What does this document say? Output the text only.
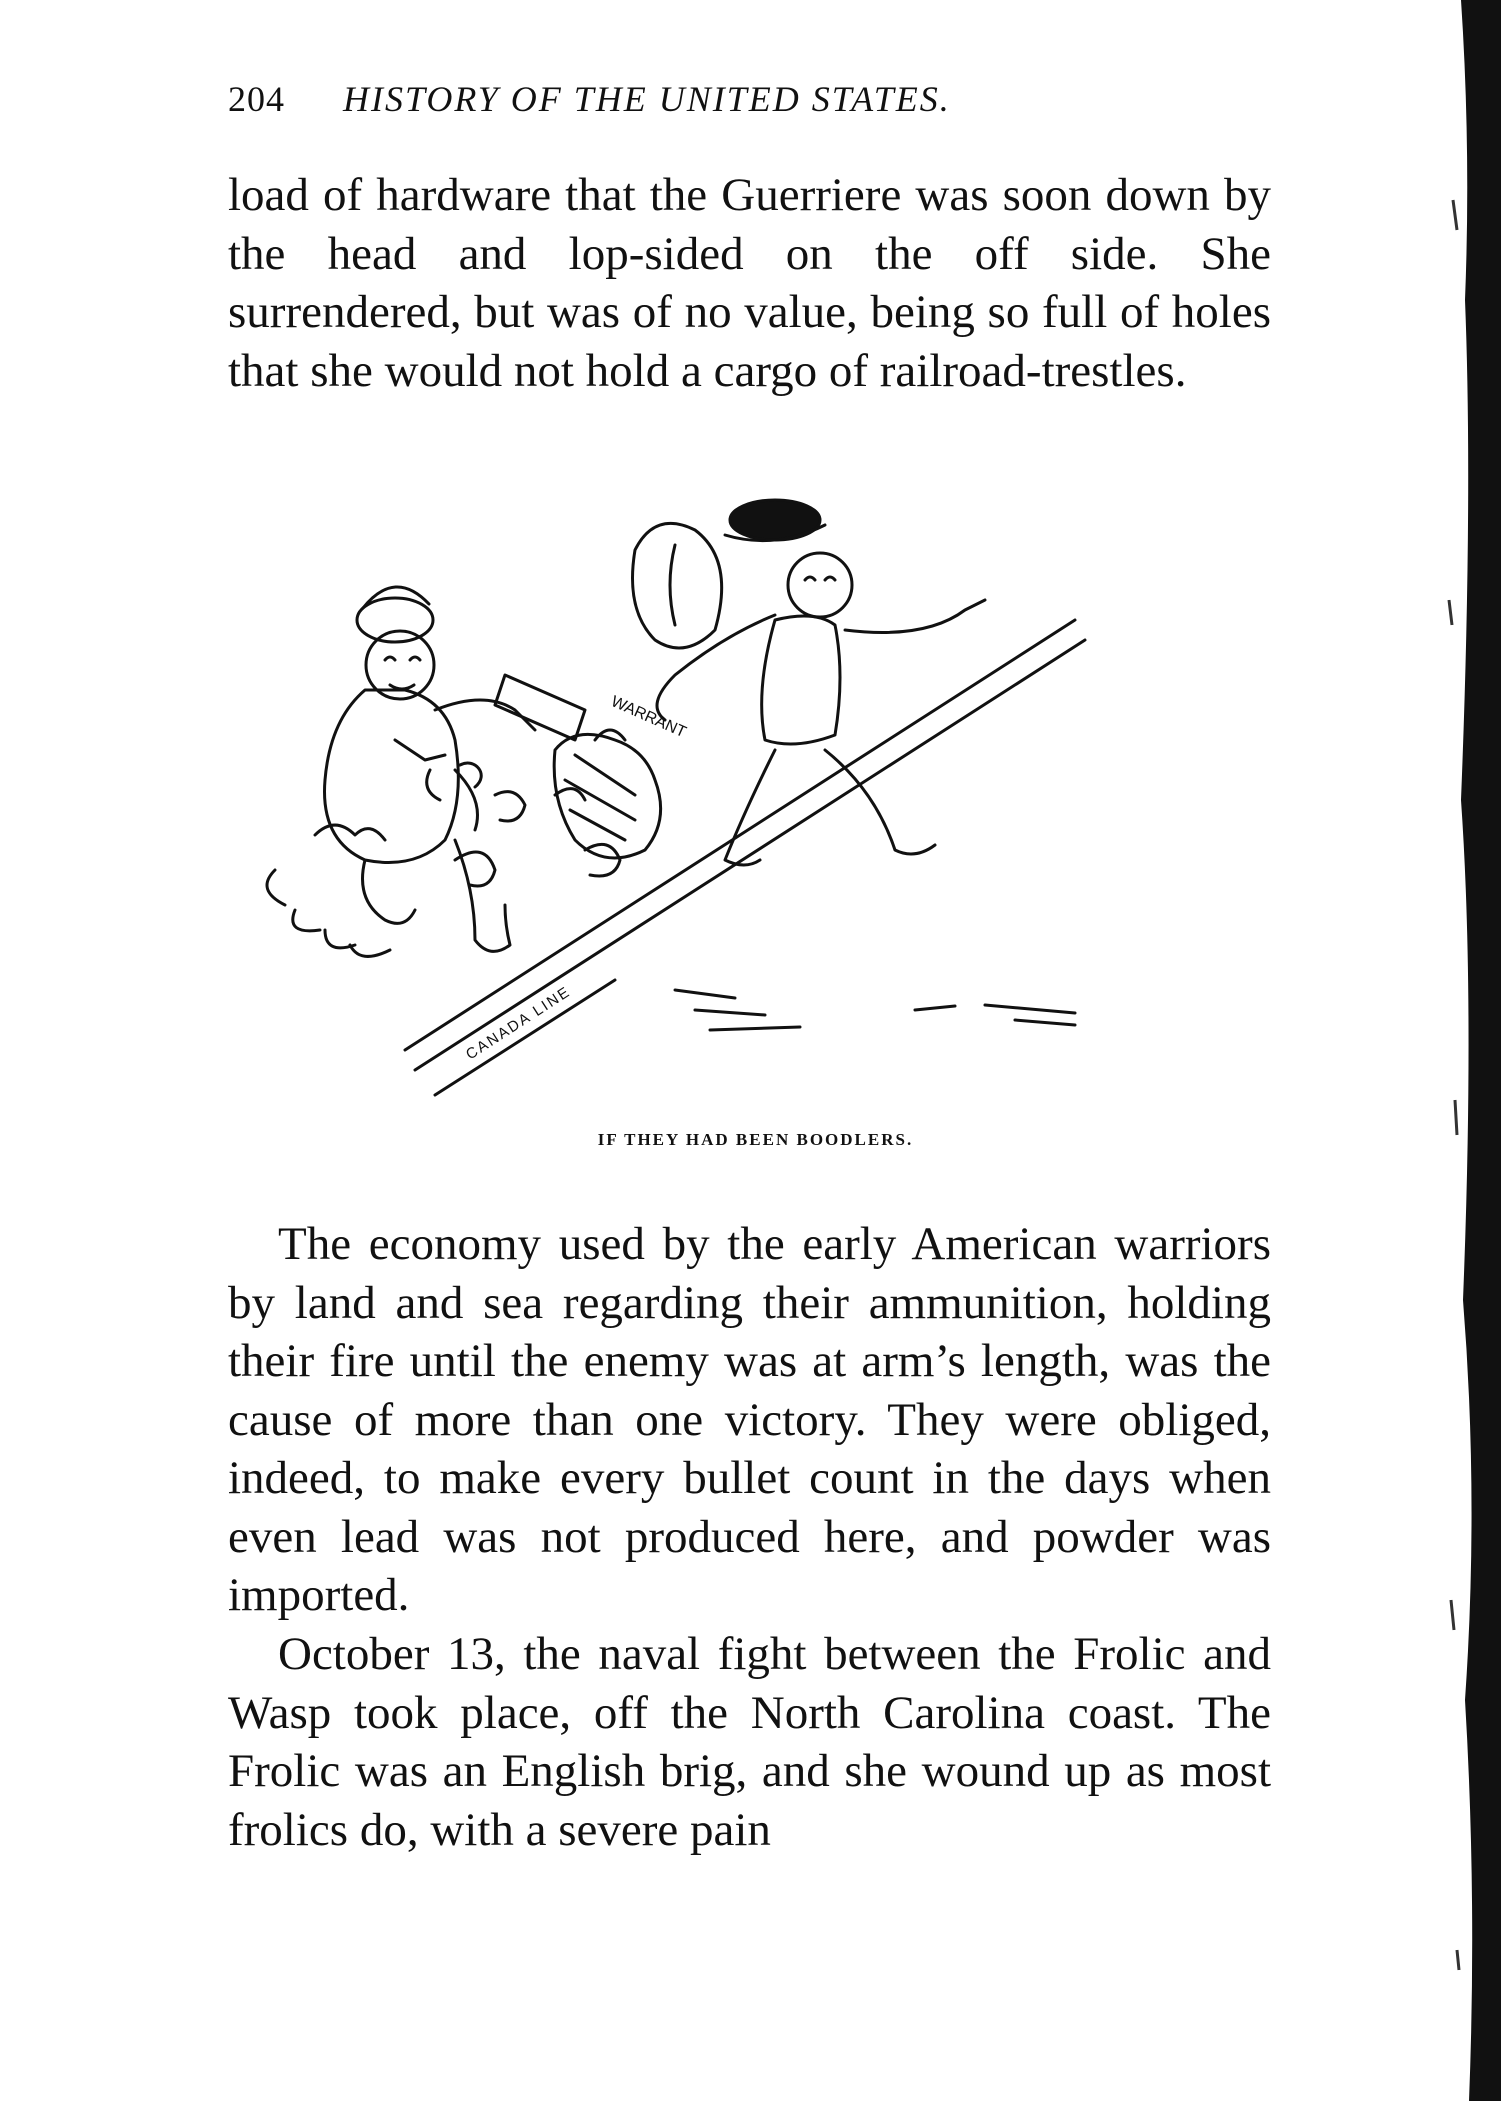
204 HISTORY OF THE UNITED STATES.

load of hardware that the Guerriere was soon down by the head and lop-sided on the off side. She surrendered, but was of no value, being so full of holes that she would not hold a cargo of railroad-trestles.

WARRANT
CANADA LINE
IF THEY HAD BEEN BOODLERS.

The economy used by the early American warriors by land and sea regarding their ammunition, holding their fire until the enemy was at arm’s length, was the cause of more than one victory. They were obliged, indeed, to make every bullet count in the days when even lead was not produced here, and powder was imported.

October 13, the naval fight between the Frolic and Wasp took place, off the North Carolina coast. The Frolic was an English brig, and she wound up as most frolics do, with a severe pain
